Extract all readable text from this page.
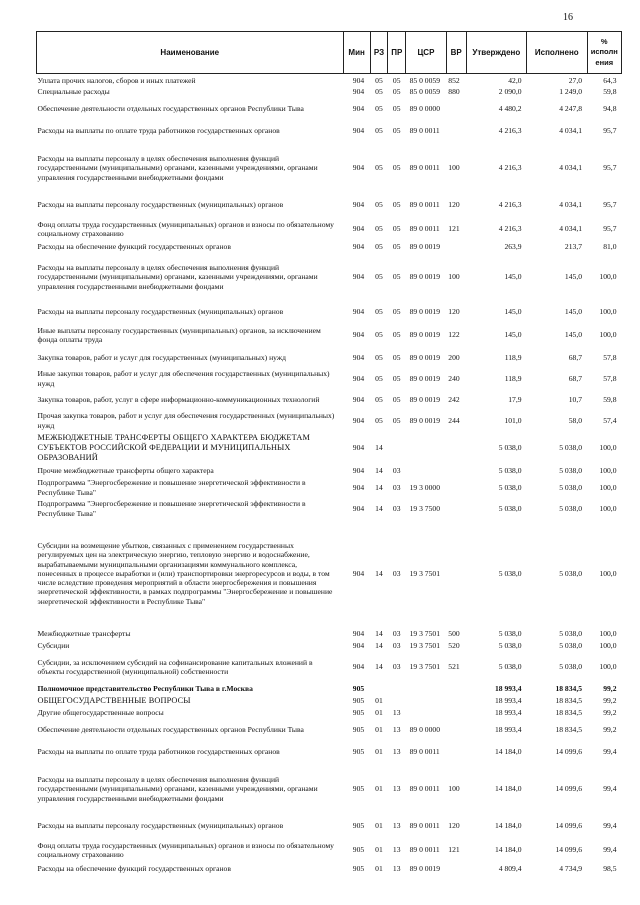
16
Наименование	Мин	РЗ	ПР	ЦСР	ВР	Утверждено	Исполнено	% исполн ения
Уплата прочих налогов, сборов и иных платежей	904	05	05	85 0 0059	852	42,0	27,0	64,3
Специальные расходы	904	05	05	85 0 0059	880	2 090,0	1 249,0	59,8
Обеспечение деятельности отдельных государственных органов Республики Тыва	904	05	05	89 0 0000		4 480,2	4 247,8	94,8
Расходы на выплаты по оплате труда работников государственных органов	904	05	05	89 0 0011		4 216,3	4 034,1	95,7
Расходы на выплаты персоналу в целях обеспечения выполнения функций государственными (муниципальными) органами, казенными учреждениями, органами управления государственными внебюджетными фондами	904	05	05	89 0 0011	100	4 216,3	4 034,1	95,7
Расходы на выплаты персоналу государственных (муниципальных) органов	904	05	05	89 0 0011	120	4 216,3	4 034,1	95,7
Фонд оплаты труда государственных (муниципальных) органов и взносы по обязательному социальному страхованию	904	05	05	89 0 0011	121	4 216,3	4 034,1	95,7
Расходы на обеспечение функций государственных органов	904	05	05	89 0 0019		263,9	213,7	81,0
Расходы на выплаты персоналу в целях обеспечения выполнения функций государственными (муниципальными) органами, казенными учреждениями, органами управления государственными внебюджетными фондами	904	05	05	89 0 0019	100	145,0	145,0	100,0
Расходы на выплаты персоналу государственных (муниципальных) органов	904	05	05	89 0 0019	120	145,0	145,0	100,0
Иные выплаты персоналу государственных (муниципальных) органов, за исключением фонда оплаты труда	904	05	05	89 0 0019	122	145,0	145,0	100,0
Закупка товаров, работ и услуг для государственных (муниципальных) нужд	904	05	05	89 0 0019	200	118,9	68,7	57,8
Иные закупки товаров, работ и услуг для обеспечения государственных (муниципальных) нужд	904	05	05	89 0 0019	240	118,9	68,7	57,8
Закупка товаров, работ, услуг в сфере информационно-коммуникационных технологий	904	05	05	89 0 0019	242	17,9	10,7	59,8
Прочая закупка товаров, работ и услуг для обеспечения государственных (муниципальных) нужд	904	05	05	89 0 0019	244	101,0	58,0	57,4
МЕЖБЮДЖЕТНЫЕ ТРАНСФЕРТЫ ОБЩЕГО ХАРАКТЕРА БЮДЖЕТАМ СУБЪЕКТОВ РОССИЙСКОЙ ФЕДЕРАЦИИ И МУНИЦИПАЛЬНЫХ ОБРАЗОВАНИЙ	904	14				5 038,0	5 038,0	100,0
Прочие межбюджетные трансферты общего характера	904	14	03			5 038,0	5 038,0	100,0
Подпрограмма "Энергосбережение и повышение энергетической эффективности в Республике Тыва"	904	14	03	19 3 0000		5 038,0	5 038,0	100,0
Подпрограмма "Энергосбережение и повышение энергетической эффективности в Республике Тыва"	904	14	03	19 3 7500		5 038,0	5 038,0	100,0
Субсидии на возмещение убытков, связанных с применением государственных регулируемых цен на электрическую энергию, тепловую энергию и водоснабжение, вырабатываемыми муниципальными организациями коммунального комплекса, понесенных в процессе выработки и (или) транспортировки энергоресурсов и воды, в том числе вследствие проведения мероприятий в области энергосбережения и повышения энергетической эффективности, в рамках подпрограммы "Энергосбережение и повышение энергетической эффективности в Республике Тыва"	904	14	03	19 3 7501		5 038,0	5 038,0	100,0
Межбюджетные трансферты	904	14	03	19 3 7501	500	5 038,0	5 038,0	100,0
Субсидии	904	14	03	19 3 7501	520	5 038,0	5 038,0	100,0
Субсидии, за исключением субсидий на софинансирование капитальных вложений в объекты государственной (муниципальной) собственности	904	14	03	19 3 7501	521	5 038,0	5 038,0	100,0
Полномочное представительство Республики Тыва в г.Москва	905					18 993,4	18 834,5	99,2
ОБЩЕГОСУДАРСТВЕННЫЕ ВОПРОСЫ	905	01				18 993,4	18 834,5	99,2
Другие общегосударственные вопросы	905	01	13			18 993,4	18 834,5	99,2
Обеспечение деятельности отдельных государственных органов Республики Тыва	905	01	13	89 0 0000		18 993,4	18 834,5	99,2
Расходы на выплаты по оплате труда работников государственных органов	905	01	13	89 0 0011		14 184,0	14 099,6	99,4
Расходы на выплаты персоналу в целях обеспечения выполнения функций государственными (муниципальными) органами, казенными учреждениями, органами управления государственными внебюджетными фондами	905	01	13	89 0 0011	100	14 184,0	14 099,6	99,4
Расходы на выплаты персоналу государственных (муниципальных) органов	905	01	13	89 0 0011	120	14 184,0	14 099,6	99,4
Фонд оплаты труда государственных (муниципальных) органов и взносы по обязательному социальному страхованию	905	01	13	89 0 0011	121	14 184,0	14 099,6	99,4
Расходы на обеспечение функций государственных органов	905	01	13	89 0 0019		4 809,4	4 734,9	98,5
